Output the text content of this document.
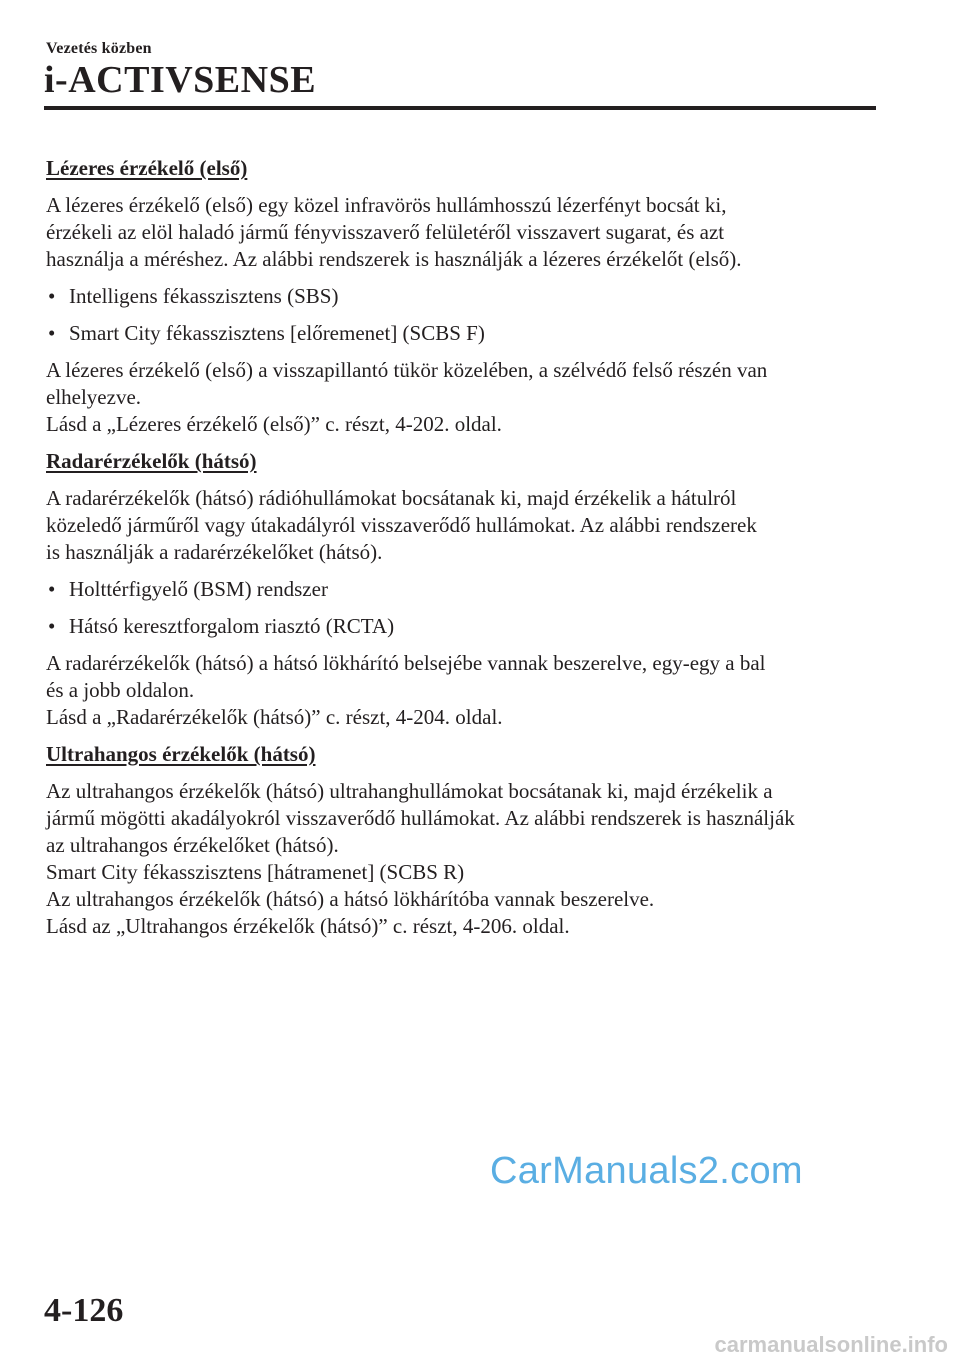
Vezetés közben
i-ACTIVSENSE
Lézeres érzékelő (első)

A lézeres érzékelő (első) egy közel infravörös hullámhosszú lézerfényt bocsát ki,
érzékeli az elöl haladó jármű fényvisszaverő felületéről visszavert sugarat, és azt
használja a méréshez. Az alábbi rendszerek is használják a lézeres érzékelőt (első).

• Intelligens fékasszisztens (SBS)
• Smart City fékasszisztens [előremenet] (SCBS F)

A lézeres érzékelő (első) a visszapillantó tükör közelében, a szélvédő felső részén van
elhelyezve.
Lásd a „Lézeres érzékelő (első)” c. részt, 4-202. oldal.

Radarérzékelők (hátsó)

A radarérzékelők (hátsó) rádióhullámokat bocsátanak ki, majd érzékelik a hátulról
közeledő járműről vagy útakadályról visszaverődő hullámokat. Az alábbi rendszerek
is használják a radarérzékelőket (hátsó).

• Holttérfigyelő (BSM) rendszer
• Hátsó keresztforgalom riasztó (RCTA)

A radarérzékelők (hátsó) a hátsó lökhárító belsejébe vannak beszerelve, egy-egy a bal
és a jobb oldalon.
Lásd a „Radarérzékelők (hátsó)” c. részt, 4-204. oldal.

Ultrahangos érzékelők (hátsó)

Az ultrahangos érzékelők (hátsó) ultrahanghullámokat bocsátanak ki, majd érzékelik a
jármű mögötti akadályokról visszaverődő hullámokat. Az alábbi rendszerek is használják
az ultrahangos érzékelőket (hátsó).
Smart City fékasszisztens [hátramenet] (SCBS R)
Az ultrahangos érzékelők (hátsó) a hátsó lökhárítóba vannak beszerelve.
Lásd az „Ultrahangos érzékelők (hátsó)” c. részt, 4-206. oldal.

CarManuals2.com
4-126
carmanualsonline.info
